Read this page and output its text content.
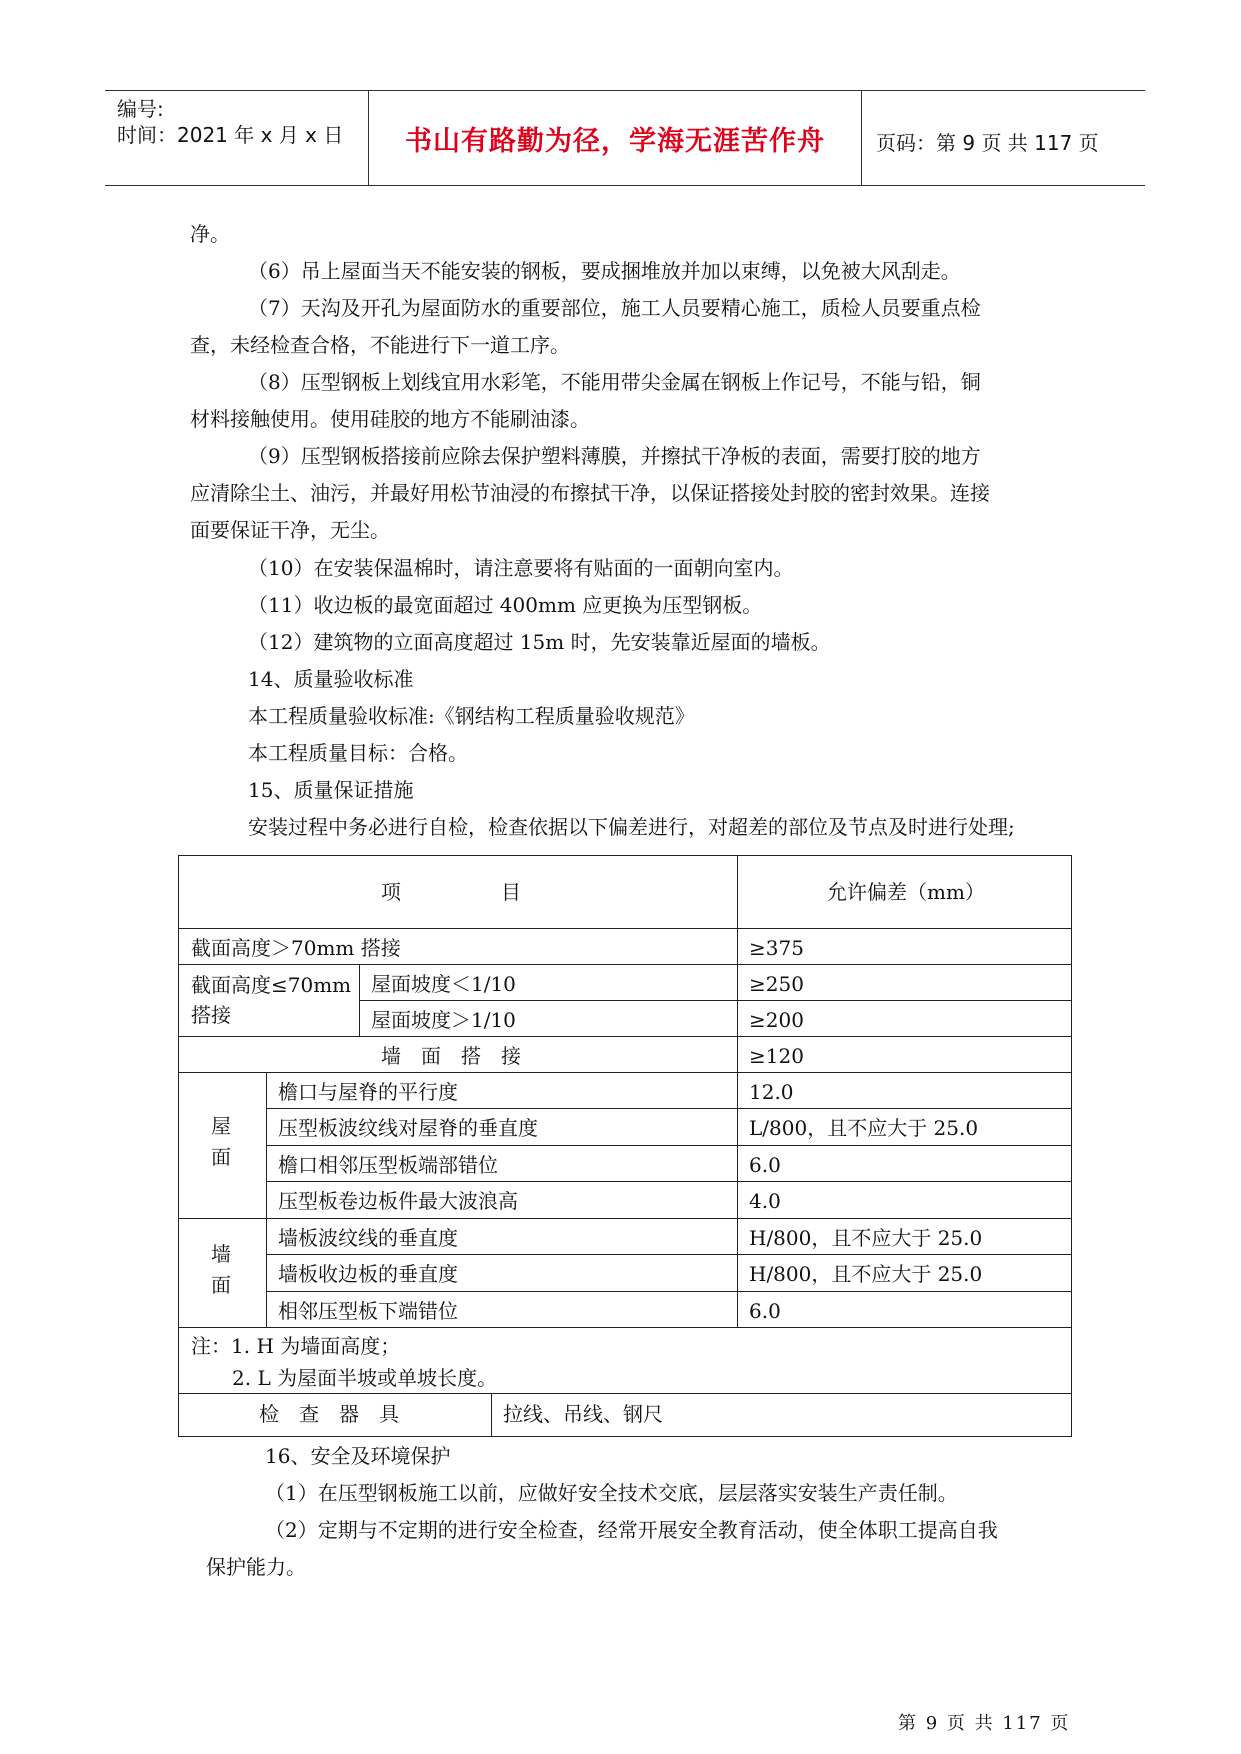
编号:
时间：2021 年 x 月 x 日	书山有路勤为径，学海无涯苦作舟	页码：第 9 页 共 117 页
净。
（6）吊上屋面当天不能安装的钢板，要成捆堆放并加以束缚，以免被大风刮走。
（7）天沟及开孔为屋面防水的重要部位，施工人员要精心施工，质检人员要重点检
查，未经检查合格，不能进行下一道工序。
（8）压型钢板上划线宜用水彩笔，不能用带尖金属在钢板上作记号，不能与铅，铜
材料接触使用。使用硅胶的地方不能刷油漆。
（9）压型钢板搭接前应除去保护塑料薄膜，并擦拭干净板的表面，需要打胶的地方
应清除尘土、油污，并最好用松节油浸的布擦拭干净，以保证搭接处封胶的密封效果。连接
面要保证干净，无尘。
（10）在安装保温棉时，请注意要将有贴面的一面朝向室内。
（11）收边板的最宽面超过 400mm 应更换为压型钢板。
（12）建筑物的立面高度超过 15m 时，先安装靠近屋面的墙板。
14、质量验收标准
本工程质量验收标准:《钢结构工程质量验收规范》
本工程质量目标：合格。
15、质量保证措施
安装过程中务必进行自检，检查依据以下偏差进行，对超差的部位及节点及时进行处理;
项　　　　　目	允许偏差（mm）
截面高度＞70mm 搭接	≥375
截面高度≤70mm
搭接
屋面坡度＜1/10	≥250
屋面坡度＞1/10	≥200
墙　面　搭　接	≥120
屋
面
檐口与屋脊的平行度	12.0
压型板波纹线对屋脊的垂直度	L/800，且不应大于 25.0
檐口相邻压型板端部错位	6.0
压型板卷边板件最大波浪高	4.0
墙
面
墙板波纹线的垂直度	H/800，且不应大于 25.0
墙板收边板的垂直度	H/800，且不应大于 25.0
相邻压型板下端错位	6.0
注：1. H 为墙面高度；
2. L 为屋面半坡或单坡长度。
检　查　器　具	拉线、吊线、钢尺
16、安全及环境保护
（1）在压型钢板施工以前，应做好安全技术交底，层层落实安装生产责任制。
（2）定期与不定期的进行安全检查，经常开展安全教育活动，使全体职工提高自我
保护能力。
第 9 页 共 117 页
